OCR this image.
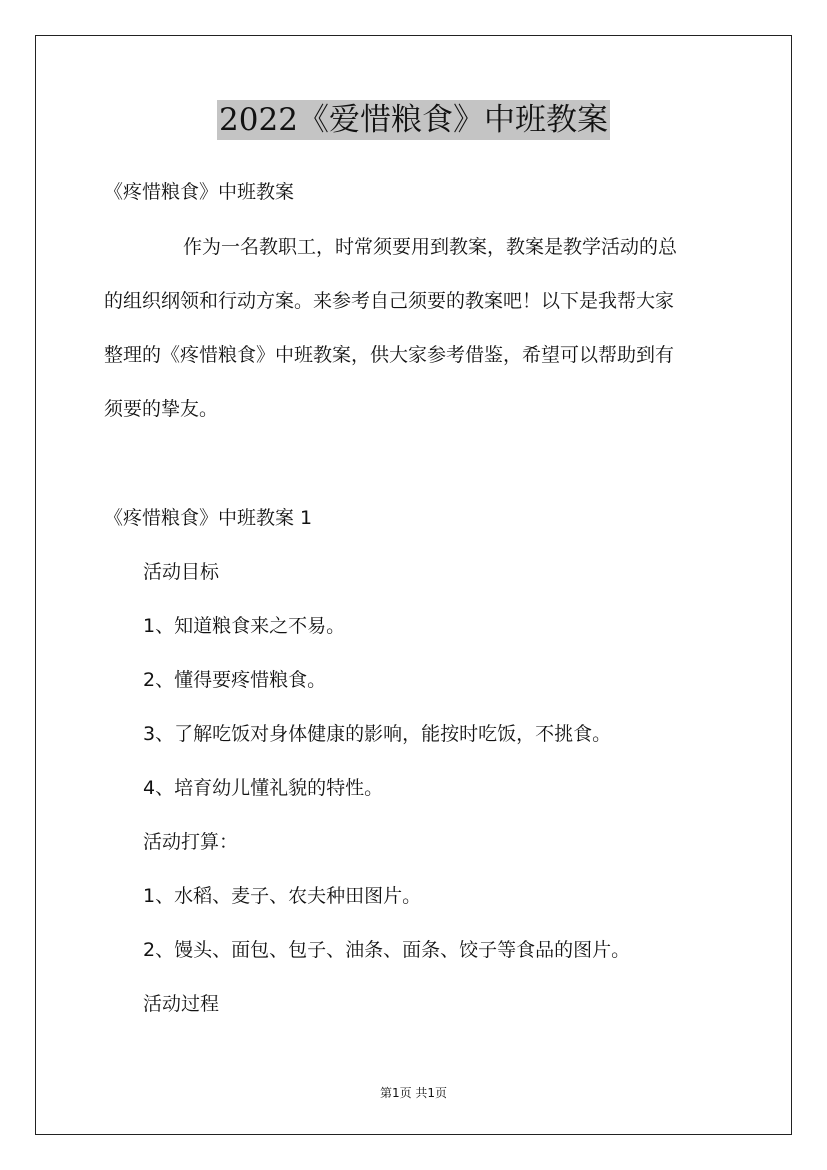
2022《爱惜粮食》中班教案
《疼惜粮食》中班教案
作为一名教职工，时常须要用到教案，教案是教学活动的总
的组织纲领和行动方案。来参考自己须要的教案吧！以下是我帮大家
整理的《疼惜粮食》中班教案，供大家参考借鉴，希望可以帮助到有
须要的挚友。
《疼惜粮食》中班教案 1
活动目标
1、知道粮食来之不易。
2、懂得要疼惜粮食。
3、了解吃饭对身体健康的影响，能按时吃饭，不挑食。
4、培育幼儿懂礼貌的特性。
活动打算：
1、水稻、麦子、农夫种田图片。
2、馒头、面包、包子、油条、面条、饺子等食品的图片。
活动过程
第1页 共1页
